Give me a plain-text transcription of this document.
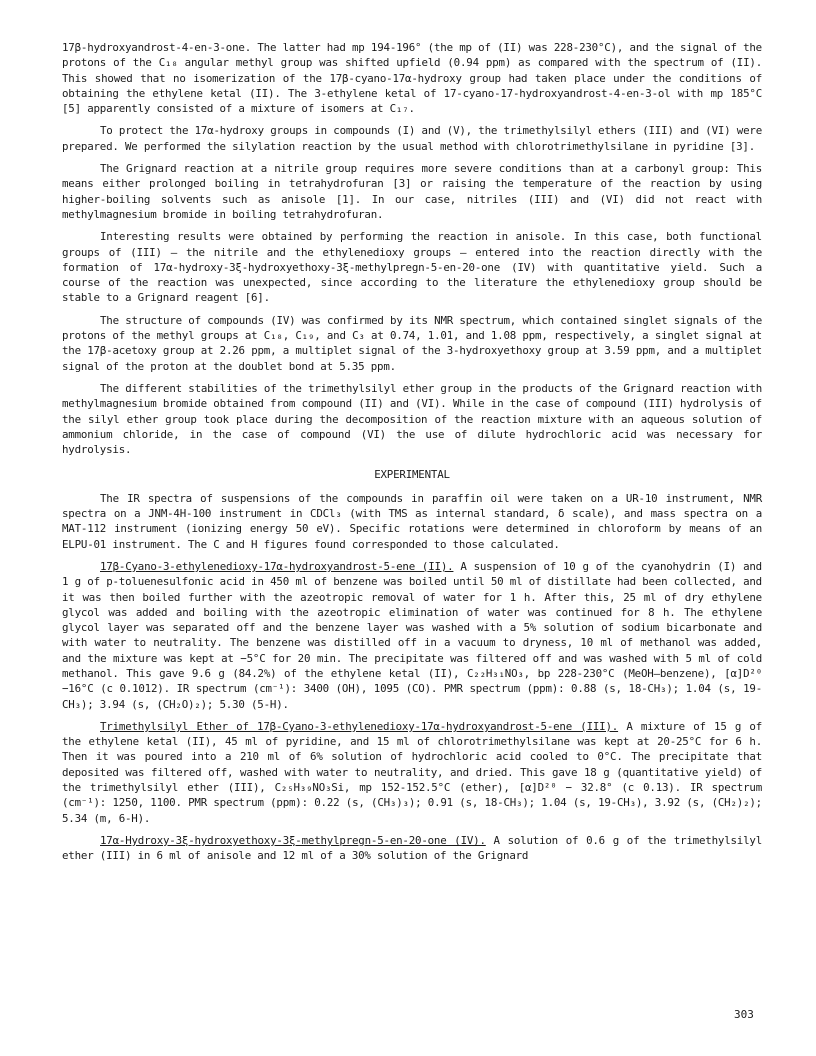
17β-hydroxyandrost-4-en-3-one. The latter had mp 194-196° (the mp of (II) was 228-230°C), and the signal of the protons of the C₁₈ angular methyl group was shifted upfield (0.94 ppm) as compared with the spectrum of (II). This showed that no isomerization of the 17β-cyano-17α-hydroxy group had taken place under the conditions of obtaining the ethylene ketal (II). The 3-ethylene ketal of 17-cyano-17-hydroxyandrost-4-en-3-ol with mp 185°C [5] apparently consisted of a mixture of isomers at C₁₇.

To protect the 17α-hydroxy groups in compounds (I) and (V), the trimethylsilyl ethers (III) and (VI) were prepared. We performed the silylation reaction by the usual method with chlorotrimethylsilane in pyridine [3].

The Grignard reaction at a nitrile group requires more severe conditions than at a carbonyl group: This means either prolonged boiling in tetrahydrofuran [3] or raising the temperature of the reaction by using higher-boiling solvents such as anisole [1]. In our case, nitriles (III) and (VI) did not react with methylmagnesium bromide in boiling tetrahydrofuran.

Interesting results were obtained by performing the reaction in anisole. In this case, both functional groups of (III) — the nitrile and the ethylenedioxy groups — entered into the reaction directly with the formation of 17α-hydroxy-3ξ-hydroxyethoxy-3ξ-methylpregn-5-en-20-one (IV) with quantitative yield. Such a course of the reaction was unexpected, since according to the literature the ethylenedioxy group should be stable to a Grignard reagent [6].

The structure of compounds (IV) was confirmed by its NMR spectrum, which contained singlet signals of the protons of the methyl groups at C₁₈, C₁₉, and C₃ at 0.74, 1.01, and 1.08 ppm, respectively, a singlet signal at the 17β-acetoxy group at 2.26 ppm, a multiplet signal of the 3-hydroxyethoxy group at 3.59 ppm, and a multiplet signal of the proton at the doublet bond at 5.35 ppm.

The different stabilities of the trimethylsilyl ether group in the products of the Grignard reaction with methylmagnesium bromide obtained from compound (II) and (VI). While in the case of compound (III) hydrolysis of the silyl ether group took place during the decomposition of the reaction mixture with an aqueous solution of ammonium chloride, in the case of compound (VI) the use of dilute hydrochloric acid was necessary for hydrolysis.

EXPERIMENTAL

The IR spectra of suspensions of the compounds in paraffin oil were taken on a UR-10 instrument, NMR spectra on a JNM-4H-100 instrument in CDCl₃ (with TMS as internal standard, δ scale), and mass spectra on a MAT-112 instrument (ionizing energy 50 eV). Specific rotations were determined in chloroform by means of an ELPU-01 instrument. The C and H figures found corresponded to those calculated.

17β-Cyano-3-ethylenedioxy-17α-hydroxyandrost-5-ene (II). A suspension of 10 g of the cyanohydrin (I) and 1 g of p-toluenesulfonic acid in 450 ml of benzene was boiled until 50 ml of distillate had been collected, and it was then boiled further with the azeotropic removal of water for 1 h. After this, 25 ml of dry ethylene glycol was added and boiling with the azeotropic elimination of water was continued for 8 h. The ethylene glycol layer was separated off and the benzene layer was washed with a 5% solution of sodium bicarbonate and with water to neutrality. The benzene was distilled off in a vacuum to dryness, 10 ml of methanol was added, and the mixture was kept at −5°C for 20 min. The precipitate was filtered off and was washed with 5 ml of cold methanol. This gave 9.6 g (84.2%) of the ethylene ketal (II), C₂₂H₃₁NO₃, bp 228-230°C (MeOH—benzene), [α]D²⁰ −16°C (c 0.1012). IR spectrum (cm⁻¹): 3400 (OH), 1095 (CO). PMR spectrum (ppm): 0.88 (s, 18-CH₃); 1.04 (s, 19-CH₃); 3.94 (s, (CH₂O)₂); 5.30 (5-H).

Trimethylsilyl Ether of 17β-Cyano-3-ethylenedioxy-17α-hydroxyandrost-5-ene (III). A mixture of 15 g of the ethylene ketal (II), 45 ml of pyridine, and 15 ml of chlorotrimethylsilane was kept at 20-25°C for 6 h. Then it was poured into a 210 ml of 6% solution of hydrochloric acid cooled to 0°C. The precipitate that deposited was filtered off, washed with water to neutrality, and dried. This gave 18 g (quantitative yield) of the trimethylsilyl ether (III), C₂₅H₃₉NO₃Si, mp 152-152.5°C (ether), [α]D²⁰ − 32.8° (c 0.13). IR spectrum (cm⁻¹): 1250, 1100. PMR spectrum (ppm): 0.22 (s, (CH₃)₃); 0.91 (s, 18-CH₃); 1.04 (s, 19-CH₃), 3.92 (s, (CH₂)₂); 5.34 (m, 6-H).

17α-Hydroxy-3ξ-hydroxyethoxy-3ξ-methylpregn-5-en-20-one (IV). A solution of 0.6 g of the trimethylsilyl ether (III) in 6 ml of anisole and 12 ml of a 30% solution of the Grignard

303
